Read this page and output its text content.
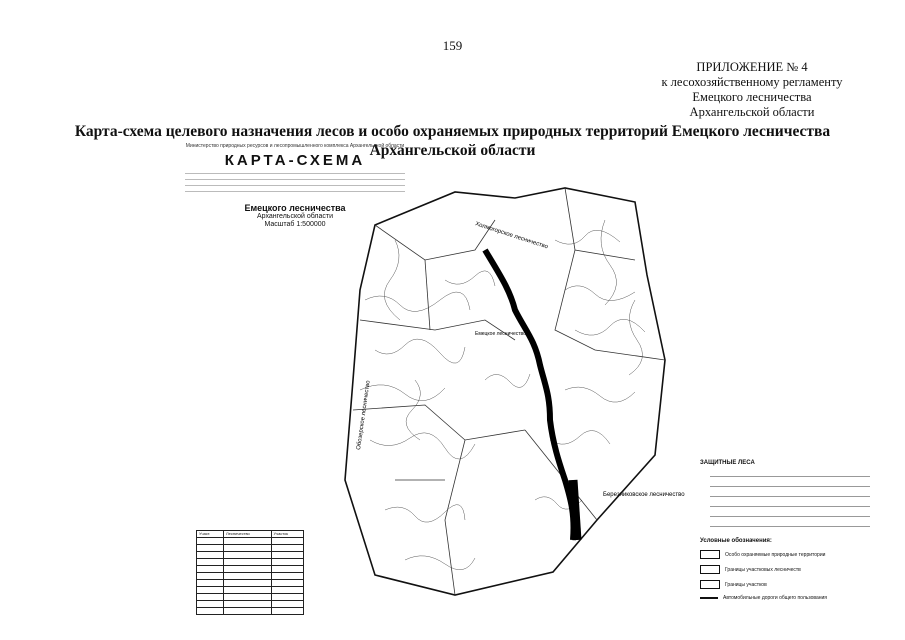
159
ПРИЛОЖЕНИЕ № 4
к лесохозяйственному регламенту
Емецкого лесничества
Архангельской области
Карта-схема целевого назначения лесов и особо охраняемых природных территорий Емецкого лесничества
Архангельской области
Министерство природных ресурсов и лесопромышленного комплекса Архангельской области
КАРТА-СХЕМА
Емецкого лесничества
Архангельской области
Масштаб 1:500000	Холмогорское лесничество
Обозерское лесничество
Березниковское лесничество
Емецкое лесничество
Участ.	Лесничество	Участок

ЗАЩИТНЫЕ ЛЕСА
Условные обозначения:
Особо охраняемые природные территории
Границы участковых лесничеств
Границы участков
Автомобильные дороги общего пользования
